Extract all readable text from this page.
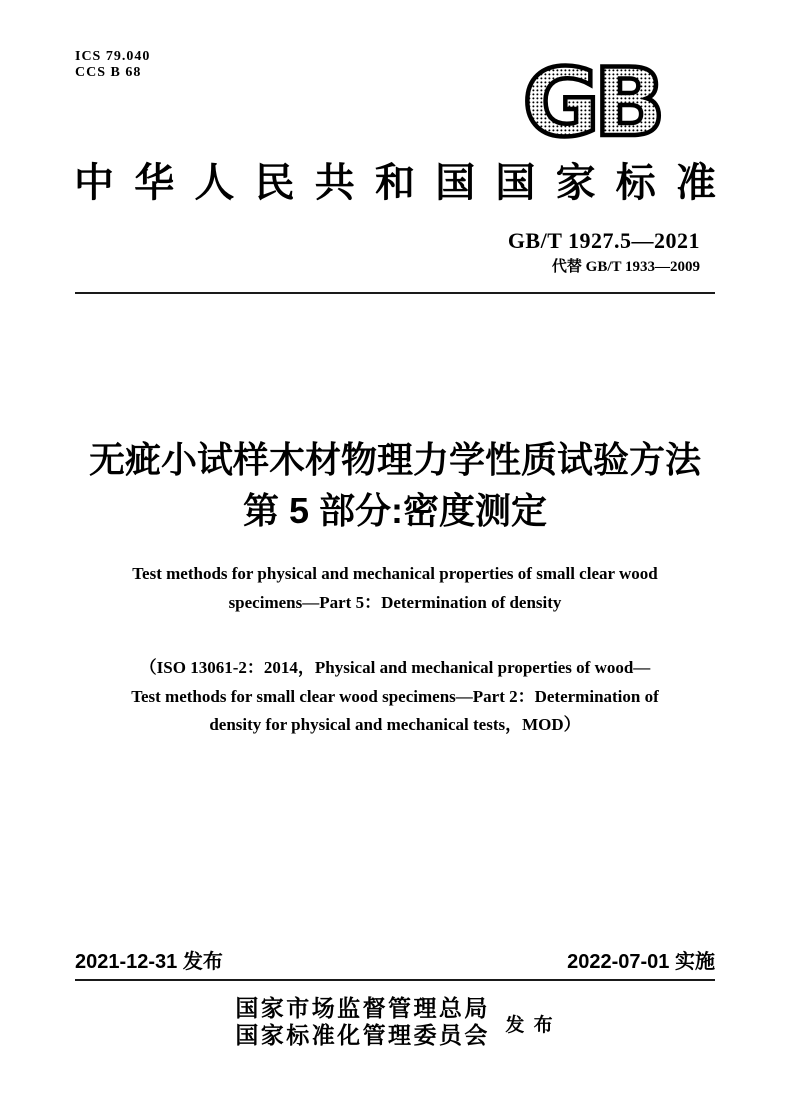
ICS 79.040
CCS B 68	GB
中华人民共和国国家标准
GB/T 1927.5—2021
代替 GB/T 1933—2009
无疵小试样木材物理力学性质试验方法
第 5 部分:密度测定
Test methods for physical and mechanical properties of small clear wood
specimens—Part 5：Determination of density
（ISO 13061-2：2014，Physical and mechanical properties of wood—
Test methods for small clear wood specimens—Part 2：Determination of
density for physical and mechanical tests，MOD）
2021-12-31 发布	2022-07-01 实施
国家市场监督管理总局
国家标准化管理委员会 发 布
